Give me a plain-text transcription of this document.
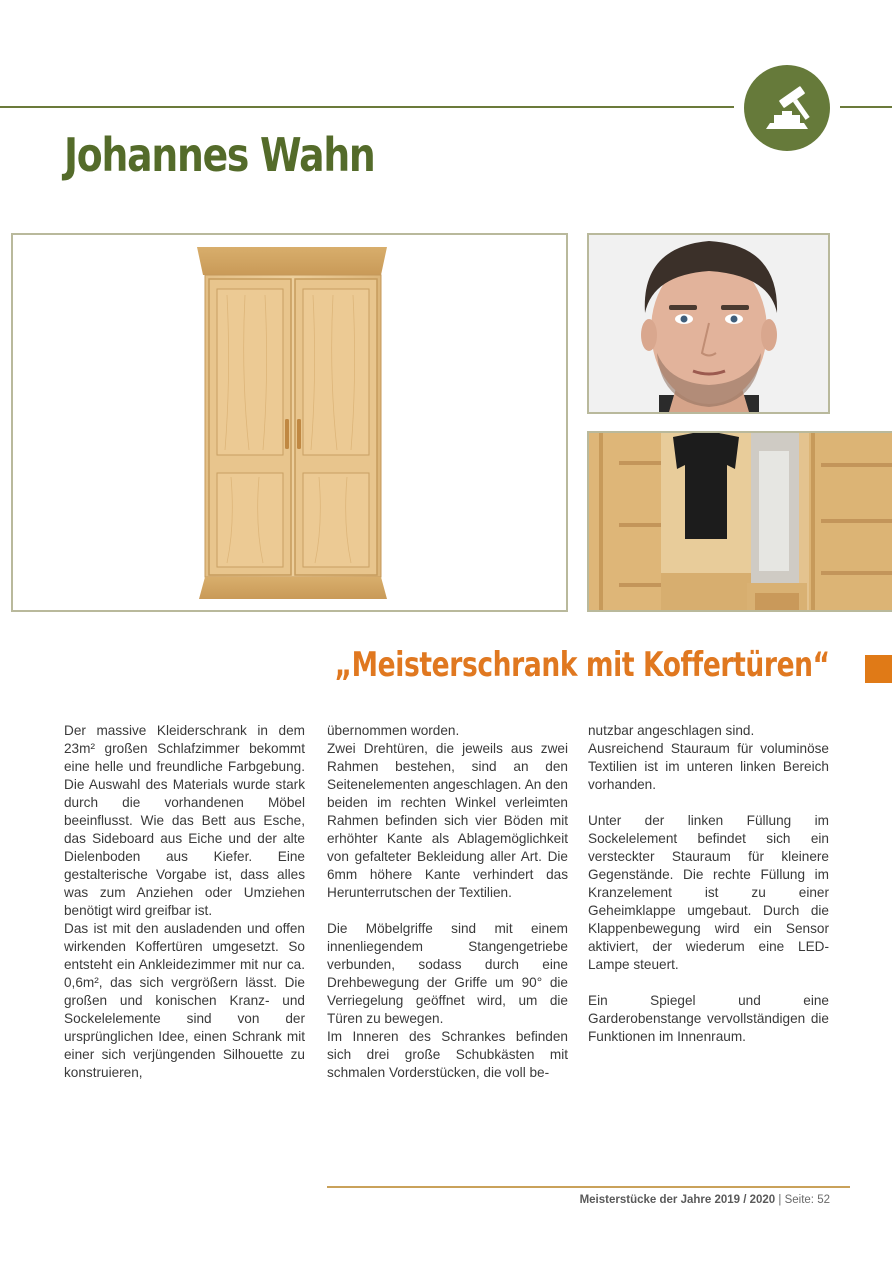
Johannes Wahn
„Meisterschrank mit Koffertüren“

Der massive Kleiderschrank in dem 23m² großen Schlafzimmer bekommt eine helle und freundliche Farbgebung. Die Auswahl des Materials wurde stark durch die vorhandenen Möbel beeinflusst. Wie das Bett aus Esche, das Sideboard aus Eiche und der alte Dielenboden aus Kiefer. Eine gestalterische Vorgabe ist, dass alles was zum Anziehen oder Umziehen benötigt wird greifbar ist.

Das ist mit den ausladenden und offen wirkenden Koffertüren umgesetzt. So entsteht ein Ankleidezimmer mit nur ca. 0,6m², das sich vergrößern lässt. Die großen und konischen Kranz- und Sockelelemente sind von der ursprünglichen Idee, einen Schrank mit einer sich verjüngenden Silhouette zu konstruieren,

übernommen worden.

Zwei Drehtüren, die jeweils aus zwei Rahmen bestehen, sind an den Seitenelementen angeschlagen. An den beiden im rechten Winkel verleimten Rahmen befinden sich vier Böden mit erhöhter Kante als Ablagemöglichkeit von gefalteter Bekleidung aller Art. Die 6mm höhere Kante verhindert das Herunterrutschen der Textilien.

Die Möbelgriffe sind mit einem innenliegendem Stangengetriebe verbunden, sodass durch eine Drehbewegung der Griffe um 90° die Verriegelung geöffnet wird, um die Türen zu bewegen.

Im Inneren des Schrankes befinden sich drei große Schubkästen mit schmalen Vorderstücken, die voll be-

nutzbar angeschlagen sind.

Ausreichend Stauraum für voluminöse Textilien ist im unteren linken Bereich vorhanden.

Unter der linken Füllung im Sockelelement befindet sich ein versteckter Stauraum für kleinere Gegenstände. Die rechte Füllung im Kranzelement ist zu einer Geheimklappe umgebaut. Durch die Klappenbewegung wird ein Sensor aktiviert, der wiederum eine LED-Lampe steuert.

Ein Spiegel und eine Garderobenstange vervollständigen die Funktionen im Innenraum.

Meisterstücke der Jahre 2019 / 2020 | Seite: 52
